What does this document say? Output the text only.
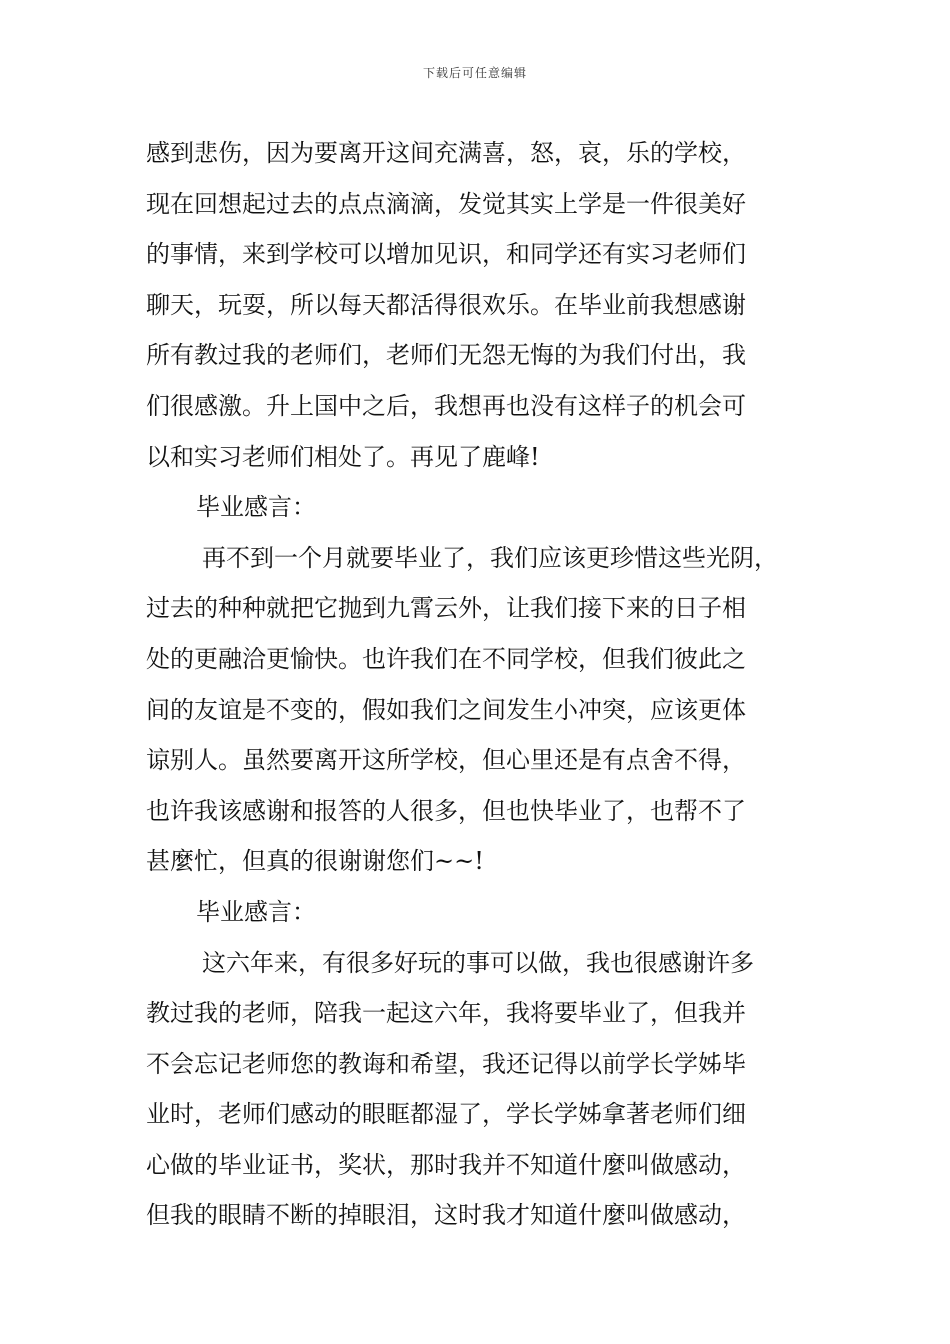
下载后可任意编辑
感到悲伤，因为要离开这间充满喜，怒，哀，乐的学校，
现在回想起过去的点点滴滴，发觉其实上学是一件很美好
的事情，来到学校可以增加见识，和同学还有实习老师们
聊天，玩耍，所以每天都活得很欢乐。在毕业前我想感谢
所有教过我的老师们，老师们无怨无悔的为我们付出，我
们很感激。升上国中之后，我想再也没有这样子的机会可
以和实习老师们相处了。再见了鹿峰!
毕业感言：
再不到一个月就要毕业了，我们应该更珍惜这些光阴，
过去的种种就把它抛到九霄云外，让我们接下来的日子相
处的更融洽更愉快。也许我们在不同学校，但我们彼此之
间的友谊是不变的，假如我们之间发生小冲突，应该更体
谅别人。虽然要离开这所学校，但心里还是有点舍不得，
也许我该感谢和报答的人很多，但也快毕业了，也帮不了
甚麼忙，但真的很谢谢您们~~!
毕业感言：
这六年来，有很多好玩的事可以做，我也很感谢许多
教过我的老师，陪我一起这六年，我将要毕业了，但我并
不会忘记老师您的教诲和希望，我还记得以前学长学姊毕
业时，老师们感动的眼眶都湿了，学长学姊拿著老师们细
心做的毕业证书，奖状，那时我并不知道什麼叫做感动，
但我的眼睛不断的掉眼泪，这时我才知道什麼叫做感动，
